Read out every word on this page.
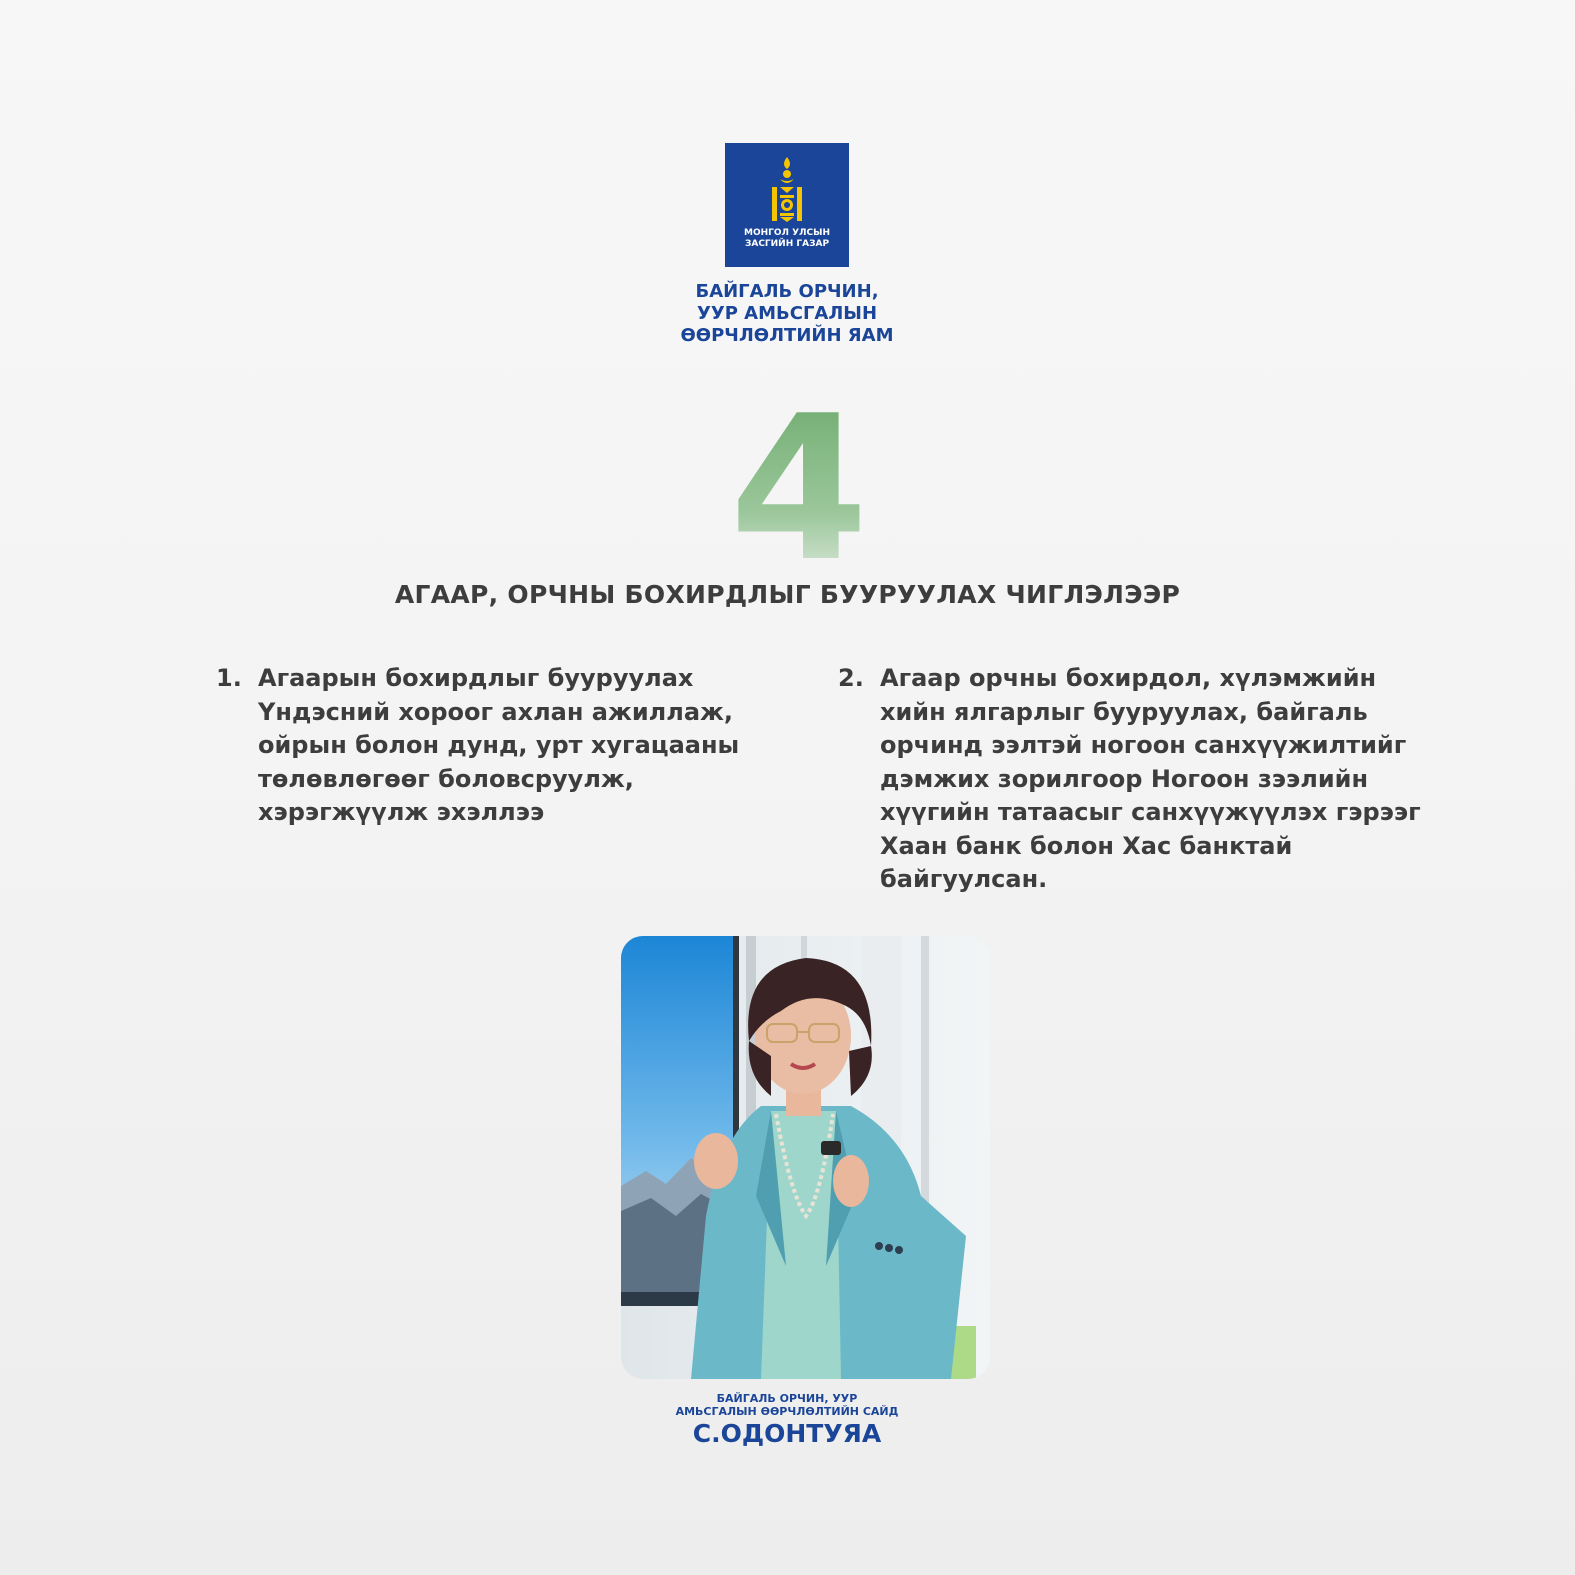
МОНГОЛ УЛСЫН
ЗАСГИЙН ГАЗАР
БАЙГАЛЬ ОРЧИН,
УУР АМЬСГАЛЫН
ӨӨРЧЛӨЛТИЙН ЯАМ
4
АГААР, ОРЧНЫ БОХИРДЛЫГ БУУРУУЛАХ ЧИГЛЭЛЭЭР
1. Агаарын бохирдлыг бууруулах
Үндэсний хороог ахлан ажиллаж,
ойрын болон дунд, урт хугацааны
төлөвлөгөөг боловсруулж,
хэрэгжүүлж эхэллээ
2. Агаар орчны бохирдол, хүлэмжийн
хийн ялгарлыг бууруулах, байгаль
орчинд ээлтэй ногоон санхүүжилтийг
дэмжих зорилгоор Ногоон зээлийн
хүүгийн татаасыг санхүүжүүлэх гэрээг
Хаан банк болон Хас банктай
байгуулсан.
БАЙГАЛЬ ОРЧИН, УУР
АМЬСГАЛЫН ӨӨРЧЛӨЛТИЙН САЙД
С.ОДОНТУЯА
